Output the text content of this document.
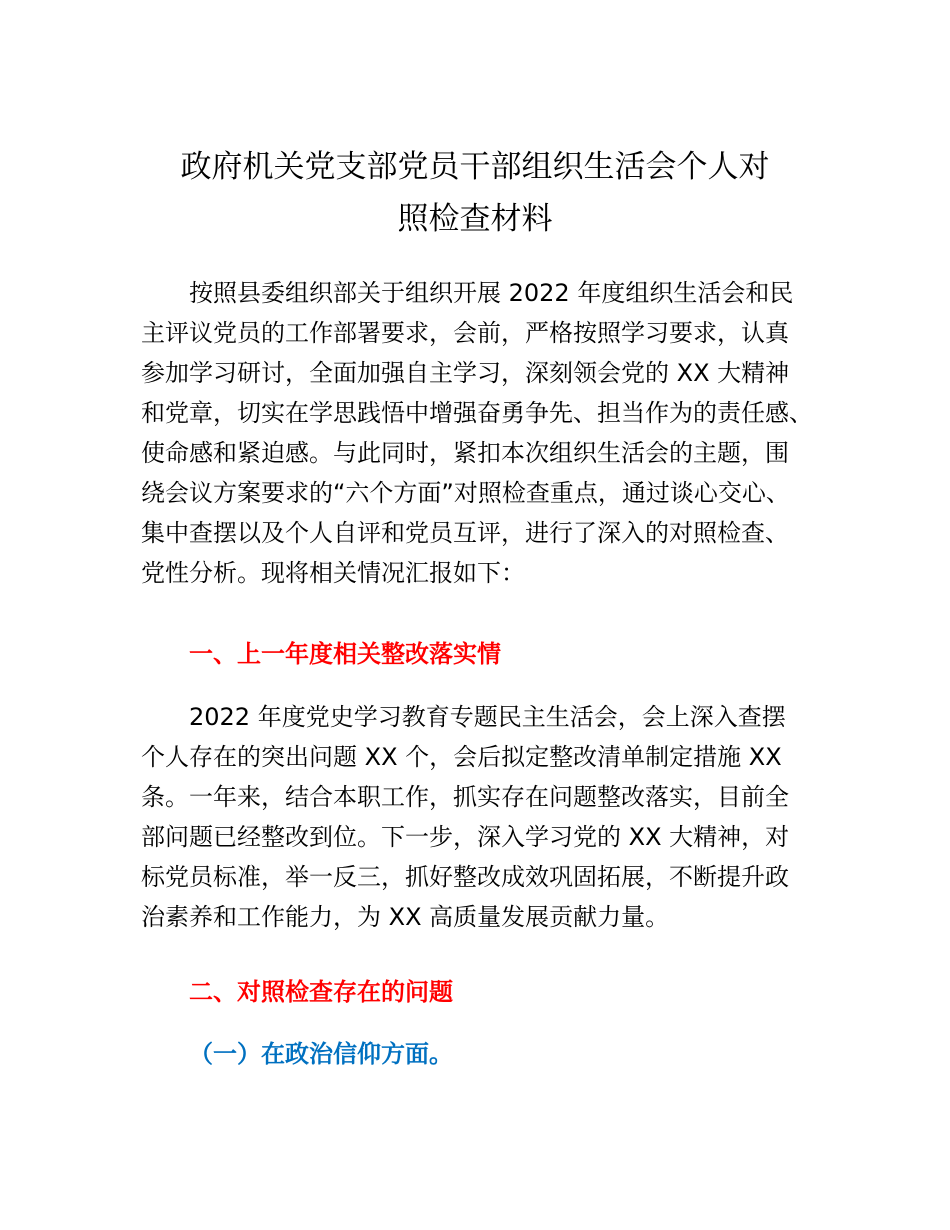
政府机关党支部党员干部组织生活会个人对
照检查材料
　　按照县委组织部关于组织开展 2022 年度组织生活会和民
主评议党员的工作部署要求，会前，严格按照学习要求，认真
参加学习研讨，全面加强自主学习，深刻领会党的 XX 大精神
和党章，切实在学思践悟中增强奋勇争先、担当作为的责任感、
使命感和紧迫感。与此同时，紧扣本次组织生活会的主题，围
绕会议方案要求的“六个方面”对照检查重点，通过谈心交心、
集中查摆以及个人自评和党员互评，进行了深入的对照检查、
党性分析。现将相关情况汇报如下：
一、上一年度相关整改落实情
　　2022 年度党史学习教育专题民主生活会，会上深入查摆
个人存在的突出问题 XX 个，会后拟定整改清单制定措施 XX
条。一年来，结合本职工作，抓实存在问题整改落实，目前全
部问题已经整改到位。下一步，深入学习党的 XX 大精神，对
标党员标准，举一反三，抓好整改成效巩固拓展，不断提升政
治素养和工作能力，为 XX 高质量发展贡献力量。
二、对照检查存在的问题
（一）在政治信仰方面。
